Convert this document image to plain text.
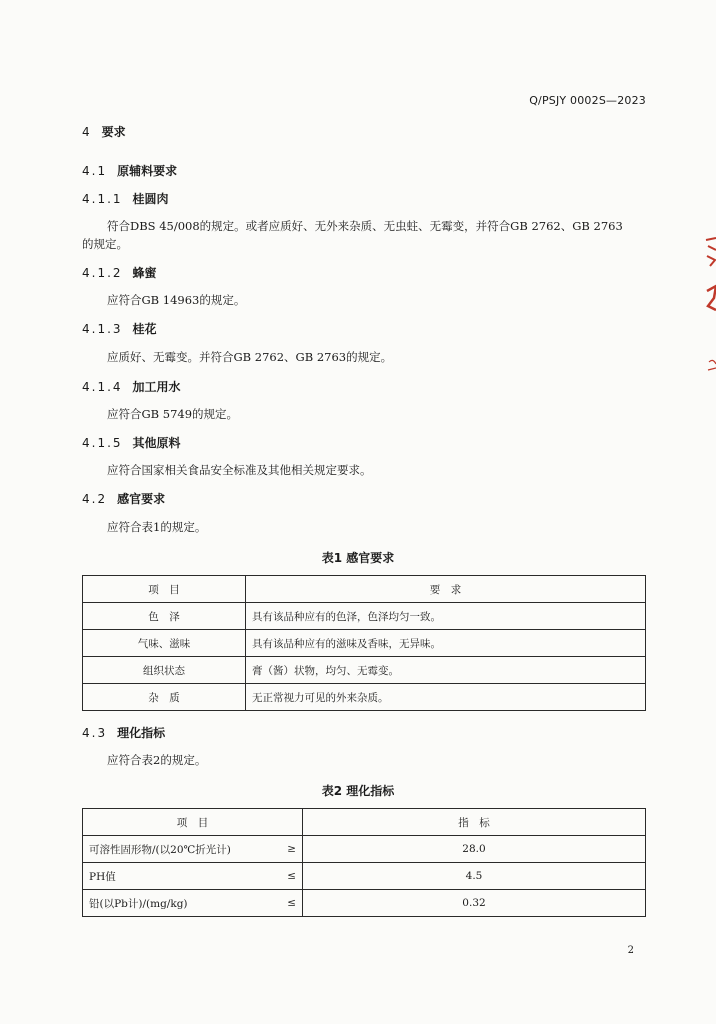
Q/PSJY 0002S—2023
4 要求
4.1 原辅料要求
4.1.1 桂圆肉
符合DBS 45/008的规定。或者应质好、无外来杂质、无虫蛀、无霉变，并符合GB 2762、GB 2763
的规定。
4.1.2 蜂蜜
应符合GB 14963的规定。
4.1.3 桂花
应质好、无霉变。并符合GB 2762、GB 2763的规定。
4.1.4 加工用水
应符合GB 5749的规定。
4.1.5 其他原料
应符合国家相关食品安全标准及其他相关规定要求。
4.2 感官要求
应符合表1的规定。
表1 感官要求
项　目	要　求
色　泽	具有该品种应有的色泽，色泽均匀一致。
气味、滋味	具有该品种应有的滋味及香味，无异味。
组织状态	膏（酱）状物，均匀、无霉变。
杂　质	无正常视力可见的外来杂质。
4.3 理化指标
应符合表2的规定。
表2 理化指标
项　目		指　标
可溶性固形物/(以20℃折光计)	≥	28.0
PH值	≤	4.5
铅(以Pb计)/(mg/kg)	≤	0.32
2
